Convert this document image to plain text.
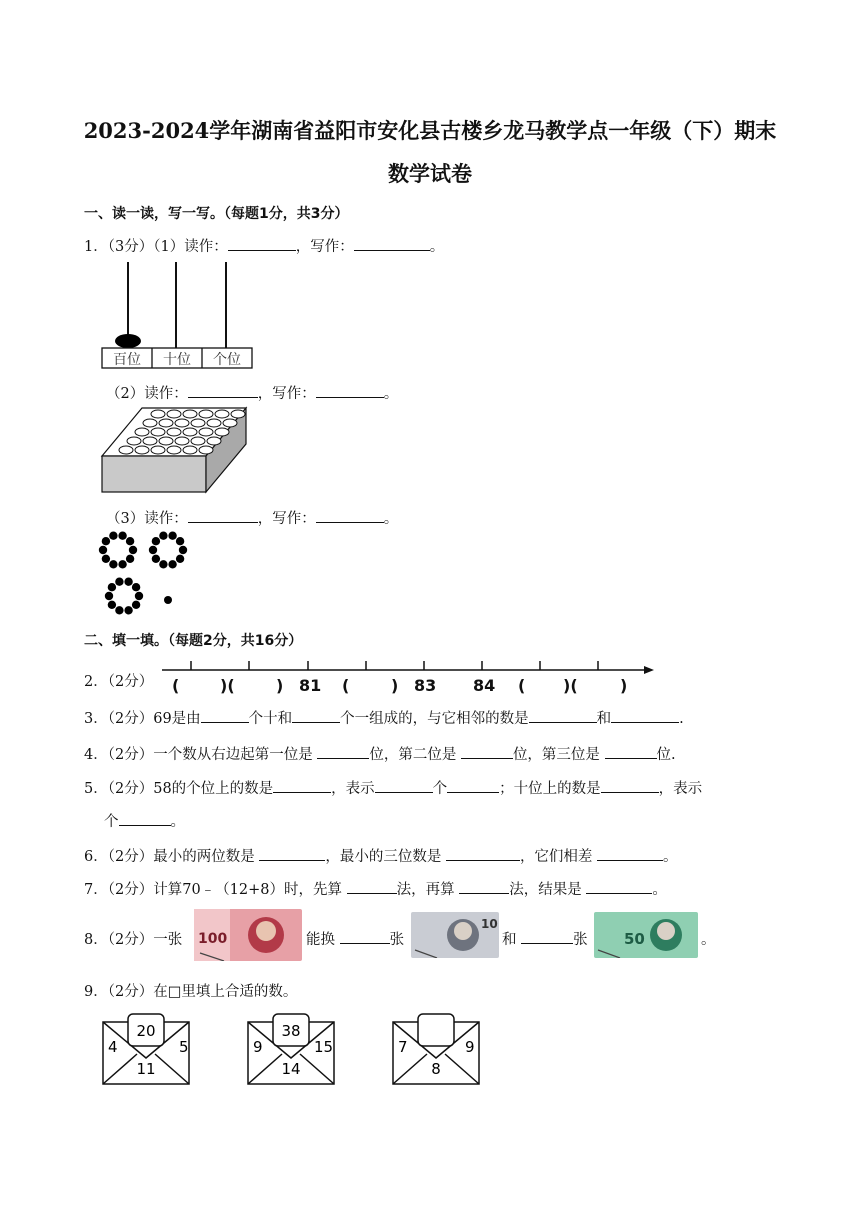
2023-2024学年湖南省益阳市安化县古楼乡龙马教学点一年级（下）期末
数学试卷
一、读一读，写一写。（每题1分，共3分）
1．（3分）（1）读作：	，写作：	。
百位 十位 个位
（2）读作：	，写作：	。
（3）读作：	，写作：	。
二、填一填。（每题2分，共16分）
2．（2分） (	)(	) 81 (	) 83 84 ( )(	)
3．（2分）69是由	个十和	个一组成的，与它相邻的数是	和	.
4．（2分）一个数从右边起第一位是	位，第二位是	位，第三位是	位.
5．（2分）58的个位上的数是	，表示	个	；十位上的数是	，表示
个	。
6．（2分）最小的两位数是	，最小的三位数是	，它们相差	。
7．（2分）计算70﹣（12+8）时，先算	法，再算	法，结果是	。
8．（2分）一张 100	能换	张
10
和	张 50	。
9．（2分）在□里填上合适的数。
20
4	5
11
38
9	15
14
7	9
8
